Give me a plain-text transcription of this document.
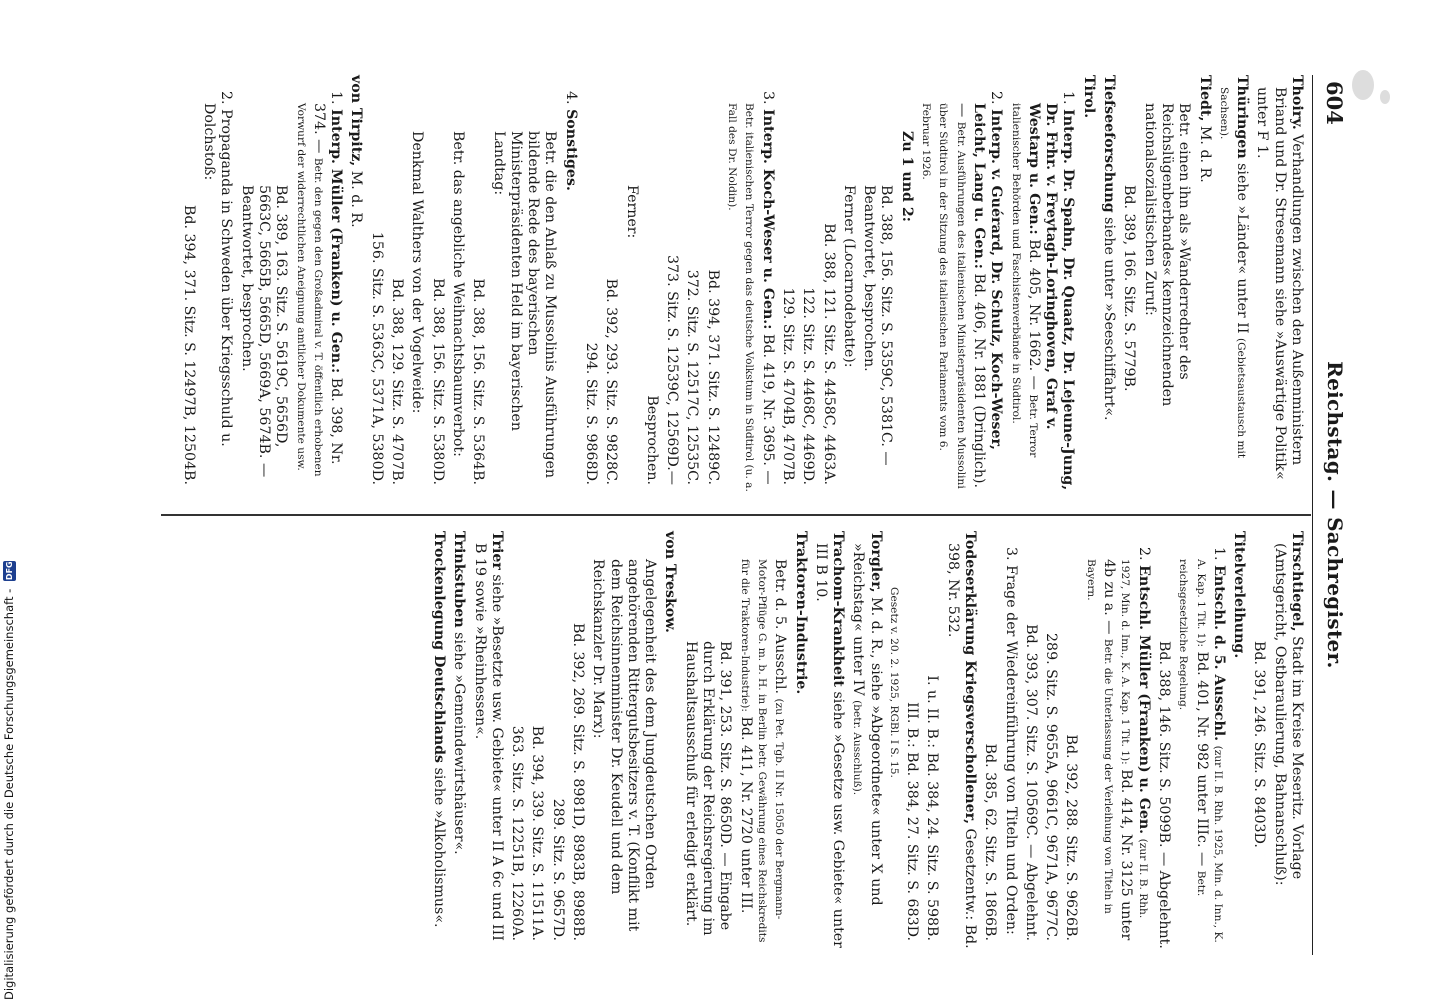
604
Reichstag. — Sachregister.

Thoiry. Verhandlungen zwischen den Außenministern Briand und Dr. Stresemann siehe »Auswärtige Politik« unter F 1.

Thüringen siehe »Länder« unter II (Gebietsaustausch mit Sachsen).

Tiedt, M. d. R.

Betr. einen ihn als »Wanderredner des Reichslügenberbandes« kennzeichnenden nationalsozialistischen Zuruf:

Bd. 389, 166. Sitz. S. 5779B.

Tiefseeforschung siehe unter »Seeschiffahrt«.

Tirol.

1. Interp. Dr. Spahn, Dr. Quaatz, Dr. Lejeune-Jung, Dr. Frhr. v. Freytagh-Loringhoven, Graf v. Westarp u. Gen.: Bd. 405, Nr. 1662. — Betr. Terror italienischer Behörden und Faschistenverbände in Südtirol.

2. Interp. v. Guérard, Dr. Schulz, Koch-Weser, Leicht, Lang u. Gen.: Bd. 406, Nr. 1881 (Dringlich). — Betr. Ausführungen des italienischen Ministerpräsidenten Mussolini über Südtirol in der Sitzung des italienischen Parlaments vom 6. Februar 1926.

Zu 1 und 2:

Bd. 388, 156. Sitz. S. 5359C, 5381C. — Beantwortet, besprochen.

Ferner (Locarnodebatte):

Bd. 388, 121. Sitz. S. 4458C, 4463A.

122. Sitz. S. 4468C, 4469D.

129. Sitz. S. 4704B, 4707B.

3. Interp. Koch-Weser u. Gen.: Bd. 419, Nr. 3695. — Betr. italienischen Terror gegen das deutsche Volkstum in Südtirol (u. a. Fall des Dr. Noldin).

Bd. 394, 371. Sitz. S. 12489C.

372. Sitz. S. 12517C, 12535C.

373. Sitz. S. 12539C, 12569D.—

Besprochen.

Ferner:

Bd. 392, 293. Sitz. S. 9828C.

294. Sitz. S. 9868D.

4. Sonstiges.

Betr. die den Anlaß zu Mussolinis Ausführungen bildende Rede des bayerischen Ministerpräsidenten Held im bayerischen Landtag:

Bd. 388, 156. Sitz. S. 5364B.

Betr. das angebliche Weihnachtsbaumverbot:

Bd. 388, 156. Sitz. S. 5380D.

Denkmal Walthers von der Vogelweide:

Bd. 388, 129. Sitz. S. 4707B.

156. Sitz. S. 5363C, 5371A, 5380D.

von Tirpitz, M. d. R.

1. Interp. Müller (Franken) u. Gen.: Bd. 398, Nr. 374. — Betr. den gegen den Großadmiral v. T. öffentlich erhobenen Vorwurf der widerrechtlichen Aneignung amtlicher Dokumente usw.

Bd. 389, 163. Sitz. S. 5619C, 5656D, 5663C, 5665B, 5665D, 5669A, 5674B. — Beantwortet, besprochen.

2. Propaganda in Schweden über Kriegsschuld u. Dolchstoß:

Bd. 394, 371. Sitz. S. 12497B, 12504B.

Tirschtiegel, Stadt im Kreise Meseritz. Vorlage (Amtsgericht, Ostbaraulierung, Bahnanschluß):

Bd. 391, 246. Sitz. S. 8403D.

Titelverleihung.

1. Entschl. d. 5. Ausschl. (zur II. B. Rhh. 1925, Min. d. Inn., K. A. Kap. 1 Tit. 1): Bd. 401, Nr. 982 unter IIIc. — Betr. reichsgesetzliche Regelung.

Bd. 388, 146. Sitz. S. 5099B. — Abgelehnt.

2. Entschl. Müller (Franken) u. Gen. (zur II. B. Rhh. 1927, Min. d. Inn., K. A. Kap. 1 Tit. 1): Bd. 414, Nr. 3125 unter 4b zu a. — Betr. die Unterlassung der Verleihung von Titeln in Bayern.

Bd. 392, 288. Sitz. S. 9626B.

289. Sitz. S. 9655A, 9661C, 9671A, 9677C.

Bd. 393, 307. Sitz. S. 10569C. — Abgelehnt.

3. Frage der Wiedereinführung von Titeln und Orden:

Bd. 385, 62. Sitz. S. 1866B.

Todeserklärung Kriegsverschollener, Gesetzentw.: Bd. 398, Nr. 532.

I. u. II. B.: Bd. 384, 24. Sitz. S. 598B.

III. B.: Bd. 384, 27. Sitz. S. 683D.

Gesetz v. 20. 2. 1925, RGBl. I S. 15.

Torgler, M. d. R., siehe »Abgeordnete« unter X und »Reichstag« unter IV (betr. Ausschluß).

Trachom-Krankheit siehe »Gesetze usw. Gebiete« unter III B 10.

Traktoren-Industrie.

Betr. d. 5. Ausschl. (zu Pet. Tgb. II Nr. 15050 der Bergmann-Motor-Pflüge G. m. b. H. in Berlin betr. Gewährung eines Reichskredits für die Traktoren-Industrie): Bd. 411, Nr. 2720 unter III.

Bd. 391, 253. Sitz. S. 8650D. — Eingabe durch Erklärung der Reichsregierung im Haushaltsausschuß für erledigt erklärt.

von Treskow.

Angelegenheit des dem Jungdeutschen Orden angehörenden Rittergutsbesitzers v. T. (Konflikt mit dem Reichsinnenminister Dr. Keudell und dem Reichskanzler Dr. Marx):

Bd. 392, 269. Sitz. S. 8981D, 8983B, 8988B.

289. Sitz. S. 9657D.

Bd. 394, 339. Sitz. S. 11511A.

363. Sitz. S. 12251B, 12260A.

Trier siehe »Besetzte usw. Gebiete« unter II A 6c und III B 19 sowie »Rheinhessen«.

Trinkstuben siehe »Gemeindewirtshäuser«.

Trockenlegung Deutschlands siehe »Alkoholismus«.

Digitalisierung gefördert durch die Deutsche Forschungsgemeinschaft -
DFG
